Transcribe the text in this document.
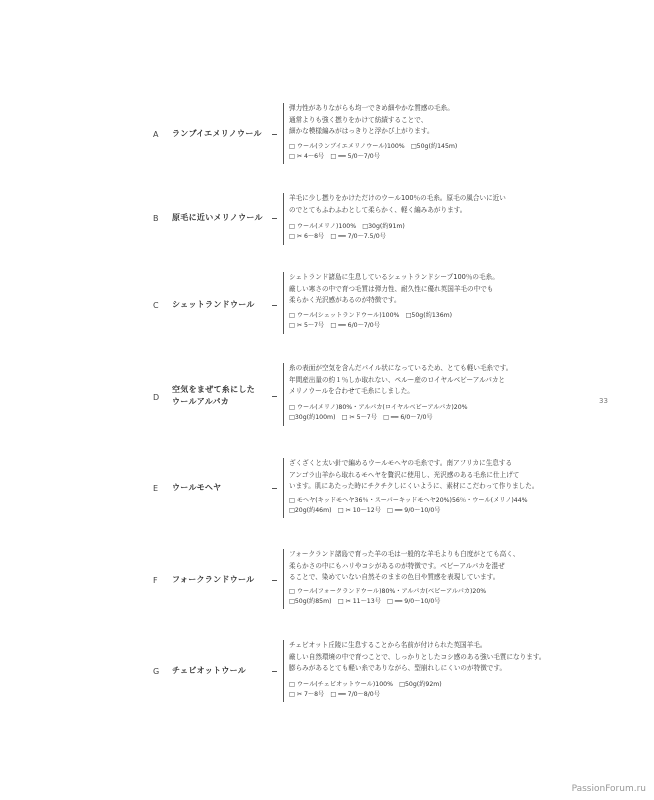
A ランブイエメリノウール
弾力性がありながらも均一できめ細やかな質感の毛糸。
通常よりも強く撚りをかけて紡績することで、
細かな模様編みがはっきりと浮かび上がります。
□ ウール(ランブイエメリノウール)100%　□50g(約145m)
□ ✂ 4～6号　□ ━━ 5/0～7/0号
B 原毛に近いメリノウール
羊毛に少し撚りをかけただけのウール100％の毛糸。原毛の風合いに近い
のでとてもふわふわとして柔らかく、軽く編みあがります。
□ ウール(メリノ)100%　□30g(約91m)
□ ✂ 6～8号　□ ━━ 7/0～7.5/0号
C シェットランドウール
シェトランド諸島に生息しているシェットランドシープ100％の毛糸。
厳しい寒さの中で育つ毛質は弾力性、耐久性に優れ英国羊毛の中でも
柔らかく光沢感があるのが特徴です。
□ ウール(シェットランドウール)100%　□50g(約136m)
□ ✂ 5～7号　□ ━━ 6/0～7/0号
D
空気をまぜて糸にした
ウールアルパカ
糸の表面が空気を含んだパイル状になっているため、とても軽い毛糸です。
年間産出量の約１％しか取れない、ペルー産のロイヤルベビーアルパカと
メリノウールを合わせて毛糸にしました。
□ ウール(メリノ)80%・アルパカ(ロイヤルベビーアルパカ)20%
□30g(約100m)　□ ✂ 5～7号　□ ━━ 6/0～7/0号
E ウールモヘヤ
ざくざくと太い針で編めるウールモヘヤの毛糸です。南アフリカに生息する
アンゴラ山羊から取れるモヘヤを贅沢に使用し、光沢感のある毛糸に仕上げて
います。肌にあたった時にチクチクしにくいように、素材にこだわって作りました。
□ モヘヤ(キッドモヘヤ36％・スーパーキッドモヘヤ20%)56％・ウール(メリノ)44%
□20g(約46m)　□ ✂ 10～12号　□ ━━ 9/0～10/0号
F フォークランドウール
フォークランド諸島で育った羊の毛は一般的な羊毛よりも白度がとても高く、
柔らかさの中にもハリやコシがあるのが特徴です。ベビーアルパカを混ぜ
ることで、染めていない自然そのままの色目や質感を表現しています。
□ ウール(フォークランドウール)80%・アルパカ(ベビーアルパカ)20%
□50g(約85m)　□ ✂ 11～13号　□ ━━ 9/0～10/0号
G チェビオットウール
チェビオット丘陵に生息することから名前が付けられた英国羊毛。
厳しい自然環境の中で育つことで、しっかりとしたコシ感のある強い毛質になります。
膨らみがあるとても軽い糸でありながら、型崩れしにくいのが特徴です。
□ ウール(チェビオットウール)100%　□50g(約92m)
□ ✂ 7～8号　□ ━━ 7/0～8/0号
33
PassionForum.ru
